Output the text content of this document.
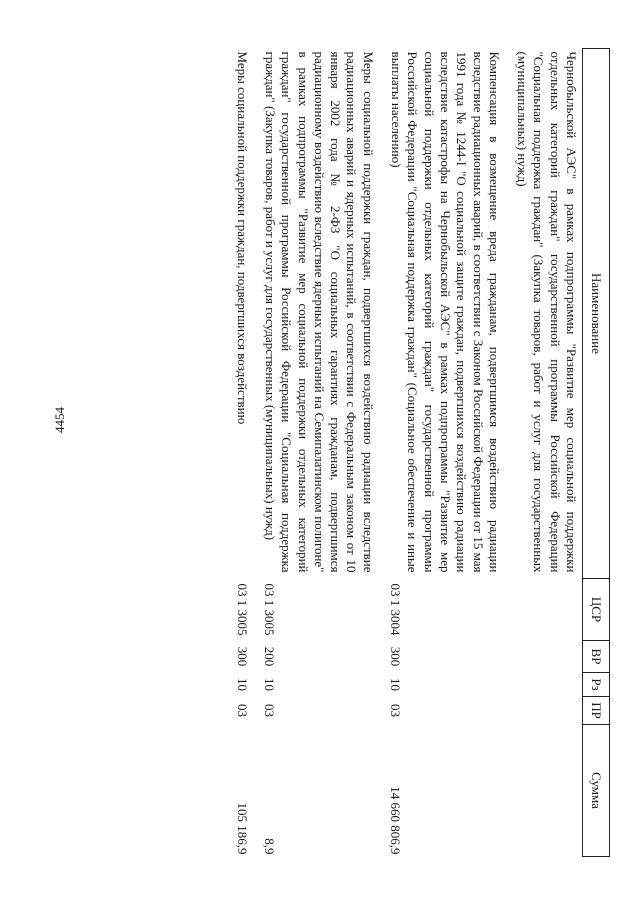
4454
Наименование	ЦСР	ВР	Рз	ПР	Сумма
Чернобыльской АЭС" в рамках подпрограммы "Развитие мер социальной поддержки отдельных категорий граждан" государственной программы Российской Федерации "Социальная поддержка граждан" (Закупка товаров, работ и услуг для государственных (муниципальных) нужд)					

Компенсация в возмещение вреда гражданам, подвергшимся воздействию радиации вследствие радиационных аварий, в соответствии с Законом Российской Федерации от 15 мая 1991 года № 1244-I "О социальной защите граждан, подвергшихся воздействию радиации вследствие катастрофы на Чернобыльской АЭС" в рамках подпрограммы "Развитие мер социальной поддержки отдельных категорий граждан" государственной программы Российской Федерации "Социальная поддержка граждан" (Социальное обеспечение и иные выплаты населению)	03 1 3004	300	10	03	14 660 806,9

Меры социальной поддержки граждан, подвергшихся воздействию радиации вследствие радиационных аварий и ядерных испытаний, в соответствии с Федеральным законом от 10 января 2002 года № 2-ФЗ "О социальных гарантиях гражданам, подвергшимся радиационному воздействию вследствие ядерных испытаний на Семипалатинском полигоне" в рамках подпрограммы "Развитие мер социальной поддержки отдельных категорий граждан" государственной программы Российской Федерации "Социальная поддержка граждан" (Закупка товаров, работ и услуг для государственных (муниципальных) нужд)	03 1 3005	200	10	03	8,9

Меры социальной поддержки граждан, подвергшихся воздействию	03 1 3005	300	10	03	105 186,9
